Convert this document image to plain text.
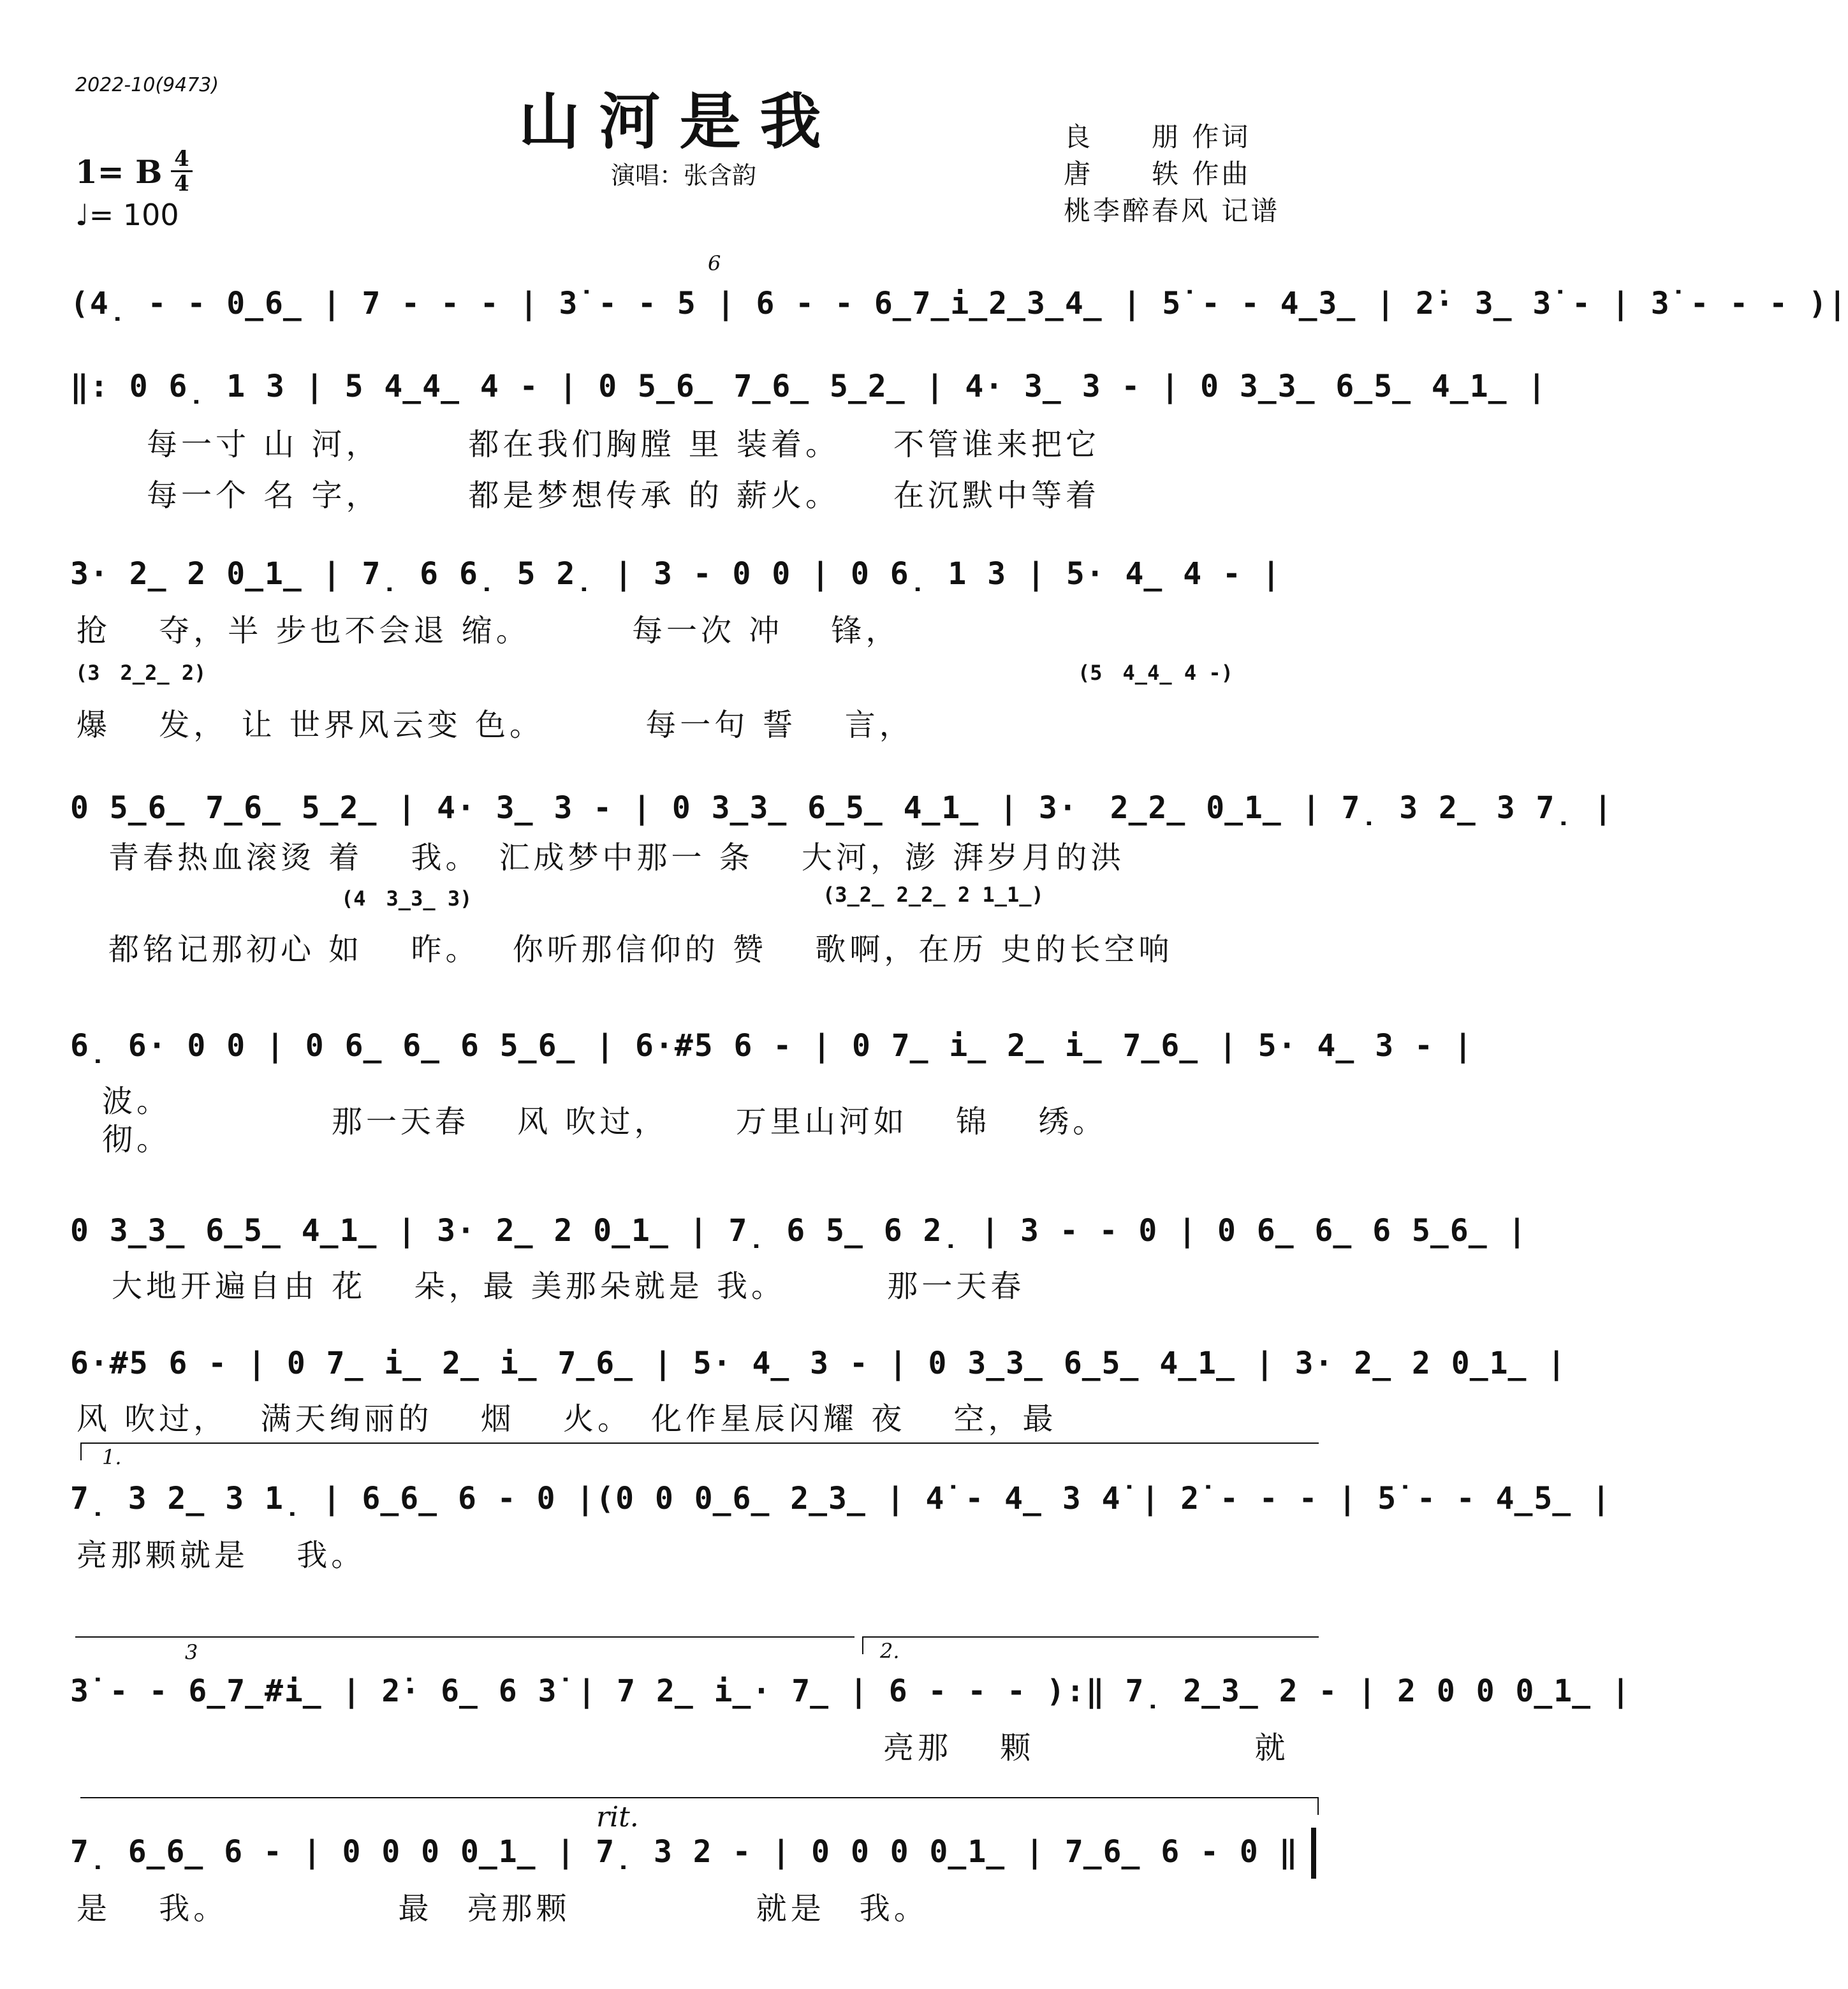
2022-10(9473)
山河是我
1= B 4
4
♩= 100
演唱：张含韵
良　　朋 作词
唐　　轶 作曲
桃李醉春风 记谱
6
(4̣ - - 0̲6̲ | 7 - - - | 3̇ - - 5 | 6 - - 6̲7̲i̲2̲3̲4̲ | 5̇ - - 4̲3̲ | 2̇· 3̲ 3̇ - | 3̇ - - - )|
‖: 0 6̣ 1 3 | 5 4̲4̲ 4 - | 0 5̲6̲ 7̲6̲ 5̲2̲ | 4· 3̲ 3 - | 0 3̲3̲ 6̲5̲ 4̲1̲ |
每一寸 山 河，　　　都在我们胸膛 里 装着。　　不管谁来把它
每一个 名 字，　　　都是梦想传承 的 薪火。　　在沉默中等着
3· 2̲ 2 0̲1̲ | 7̣ 6 6̣ 5 2̣ | 3 - 0 0 | 0 6̣ 1 3 | 5· 4̲ 4 - |
抢　 夺，半 步也不会退 缩。　　　 每一次 冲　 锋，
(3　2̲2̲ 2)	(5　4̲4̲ 4 -)
爆　 发， 让 世界风云变 色。　　　 每一句 誓　 言，
0 5̲6̲ 7̲6̲ 5̲2̲ | 4· 3̲ 3 - | 0 3̲3̲ 6̲5̲ 4̲1̲ | 3·　2̲2̲ 0̲1̲ | 7̣ 3 2̲ 3 7̣ |
青春热血滚烫 着　 我。　汇成梦中那一 条　 大河，澎 湃岁月的洪
(4　3̲3̲ 3)	(3̲2̲ 2̲2̲ 2 1̲1̲)
都铭记那初心 如　 昨。　 你听那信仰的 赞　 歌啊，在历 史的长空响
6̣ 6· 0 0 | 0 6̲ 6̲ 6 5̲6̲ | 6·#5 6 - | 0 7̲ i̲ 2̲ i̲ 7̲6̲ | 5· 4̲ 3 - |
波。
彻。	那一天春　 风 吹过，　　 万里山河如　 锦　 绣。
0 3̲3̲ 6̲5̲ 4̲1̲ | 3· 2̲ 2 0̲1̲ | 7̣ 6 5̲ 6 2̣ | 3 - - 0 | 0 6̲ 6̲ 6 5̲6̲ |
大地开遍自由 花　 朵，最 美那朵就是 我。　　　 那一天春
6·#5 6 - | 0 7̲ i̲ 2̲ i̲ 7̲6̲ | 5· 4̲ 3 - | 0 3̲3̲ 6̲5̲ 4̲1̲ | 3· 2̲ 2 0̲1̲ |
风 吹过，　 满天绚丽的　 烟　 火。　化作星辰闪耀 夜　 空，最
1.
7̣ 3 2̲ 3 1̣ | 6̲6̲ 6 - 0 |(0 0 0̲6̲ 2̲3̲ | 4̇ - 4̲ 3 4̇ | 2̇ - - - | 5̇ - - 4̲5̲ |
亮那颗就是　 我。
2.
3
3̇ - - 6̲7̲#i̲ | 2̇· 6̲ 6 3̇ | 7 2̲ i̲· 7̲ | 6 - - - ):‖ 7̣ 2̲3̲ 2 - | 2 0 0 0̲1̲ |
亮那　 颗　　　　　　 就
rit.
7̣ 6̲6̲ 6 - | 0 0 0 0̲1̲ | 7̣ 3 2 - | 0 0 0 0̲1̲ | 7̲6̲ 6 - 0 ‖
是　 我。　　　　　 最　亮那颗　　　　　 就是　我。
